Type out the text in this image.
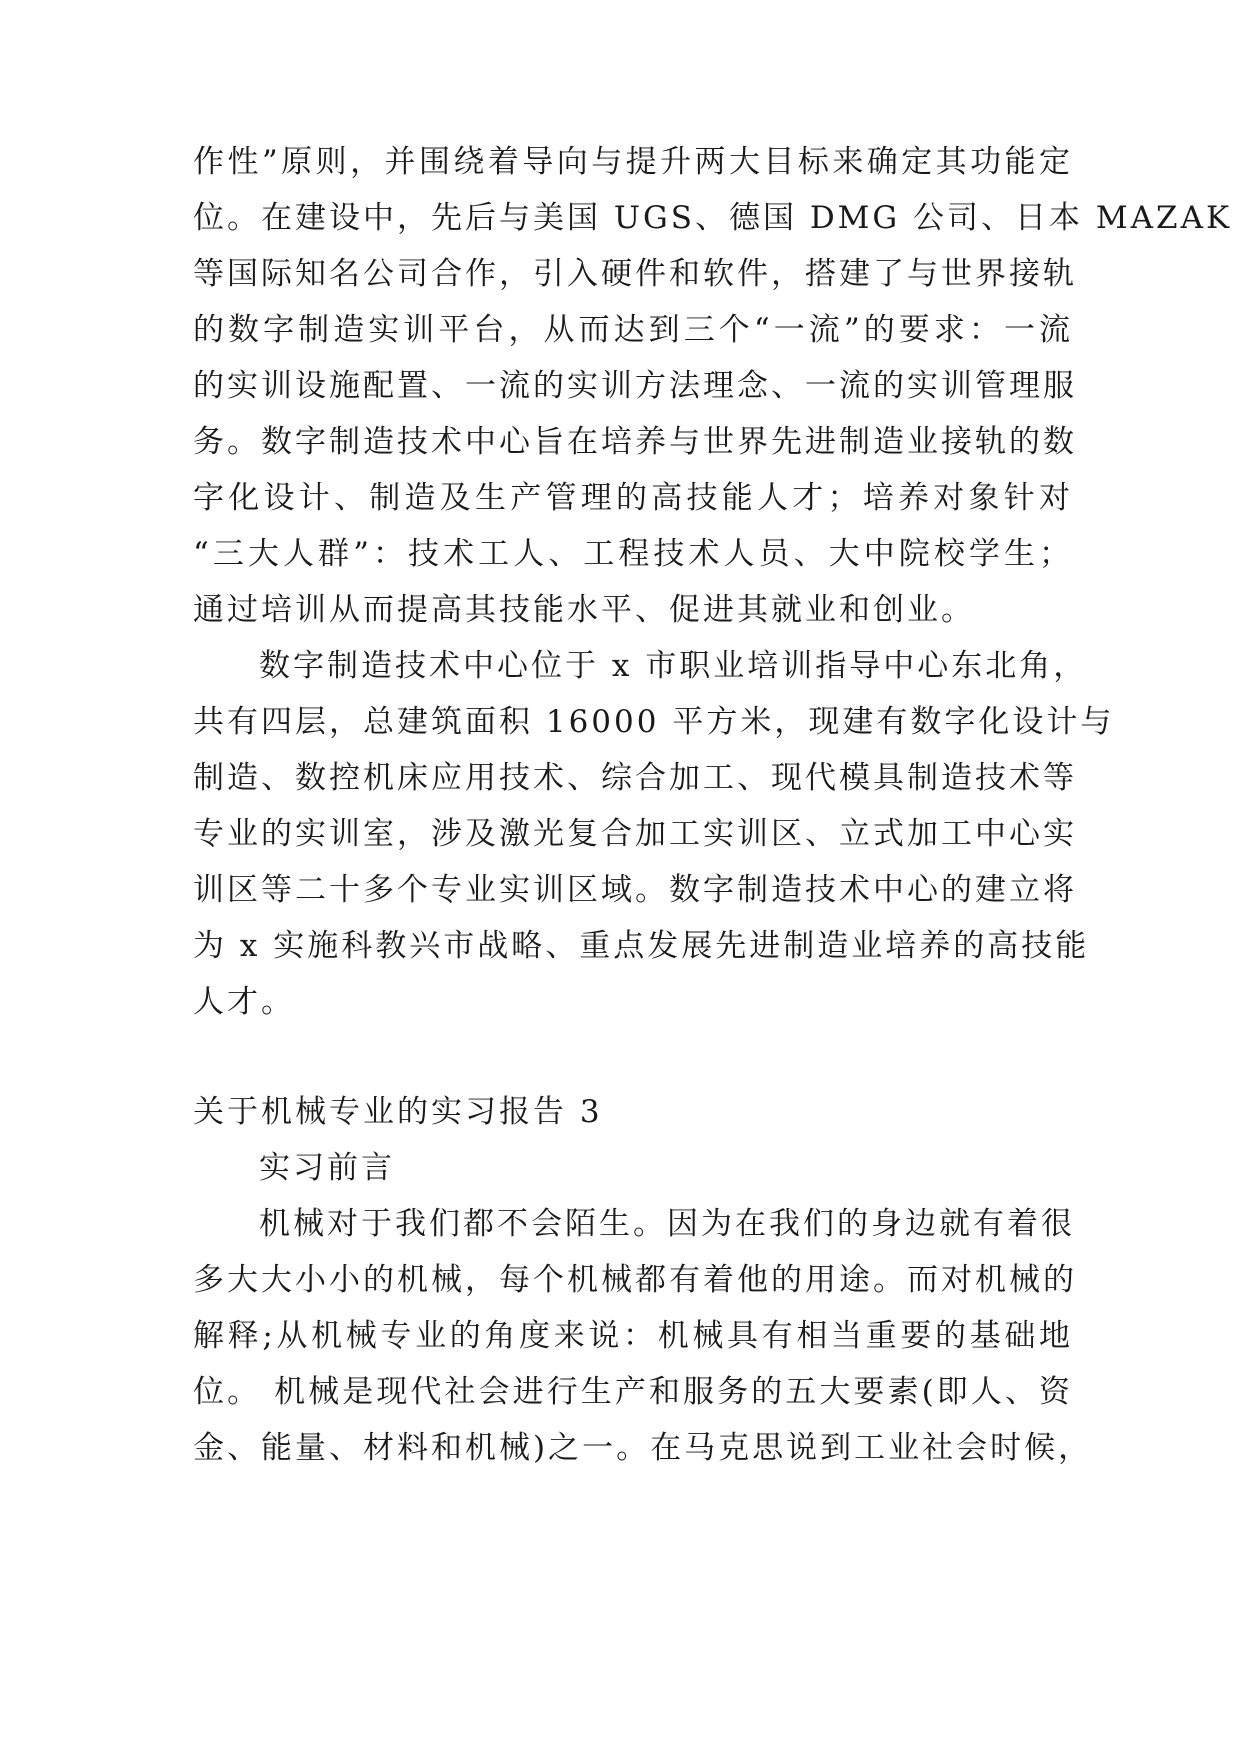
作性”原则，并围绕着导向与提升两大目标来确定其功能定
位。在建设中，先后与美国 UGS、德国 DMG 公司、日本 MAZAK
等国际知名公司合作，引入硬件和软件，搭建了与世界接轨
的数字制造实训平台，从而达到三个“一流”的要求：一流
的实训设施配置、一流的实训方法理念、一流的实训管理服
务。数字制造技术中心旨在培养与世界先进制造业接轨的数
字化设计、制造及生产管理的高技能人才；培养对象针对
“三大人群”：技术工人、工程技术人员、大中院校学生；
通过培训从而提高其技能水平、促进其就业和创业。
数字制造技术中心位于 x 市职业培训指导中心东北角，
共有四层，总建筑面积 16000 平方米，现建有数字化设计与
制造、数控机床应用技术、综合加工、现代模具制造技术等
专业的实训室，涉及激光复合加工实训区、立式加工中心实
训区等二十多个专业实训区域。数字制造技术中心的建立将
为 x 实施科教兴市战略、重点发展先进制造业培养的高技能
人才。
关于机械专业的实习报告 3
实习前言
机械对于我们都不会陌生。因为在我们的身边就有着很
多大大小小的机械，每个机械都有着他的用途。而对机械的
解释;从机械专业的角度来说：机械具有相当重要的基础地
位。 机械是现代社会进行生产和服务的五大要素(即人、资
金、能量、材料和机械)之一。在马克思说到工业社会时候，
